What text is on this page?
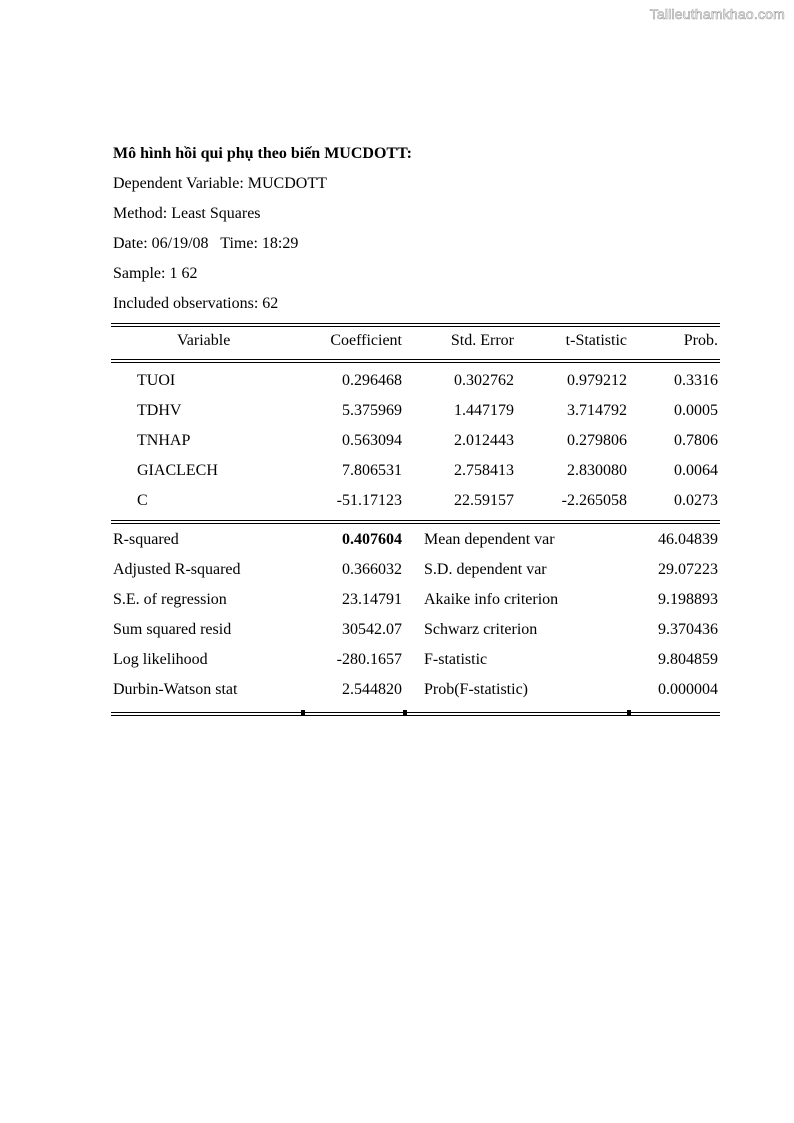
Tailieuthamkhao.com
Mô hình hồi qui phụ theo biến MUCDOTT:
Dependent Variable: MUCDOTT
Method: Least Squares
Date: 06/19/08   Time: 18:29
Sample: 1 62
Included observations: 62
Variable	Coefficient	Std. Error	t-Statistic	Prob.
TUOI	0.296468	0.302762	0.979212	0.3316
TDHV	5.375969	1.447179	3.714792	0.0005
TNHAP	0.563094	2.012443	0.279806	0.7806
GIACLECH	7.806531	2.758413	2.830080	0.0064
C	-51.17123	22.59157	-2.265058	0.0273
R-squared	0.407604 Mean dependent var	46.04839
Adjusted R-squared	0.366032 S.D. dependent var	29.07223
S.E. of regression	23.14791 Akaike info criterion	9.198893
Sum squared resid	30542.07 Schwarz criterion	9.370436
Log likelihood	-280.1657 F-statistic	9.804859
Durbin-Watson stat	2.544820 Prob(F-statistic)	0.000004
